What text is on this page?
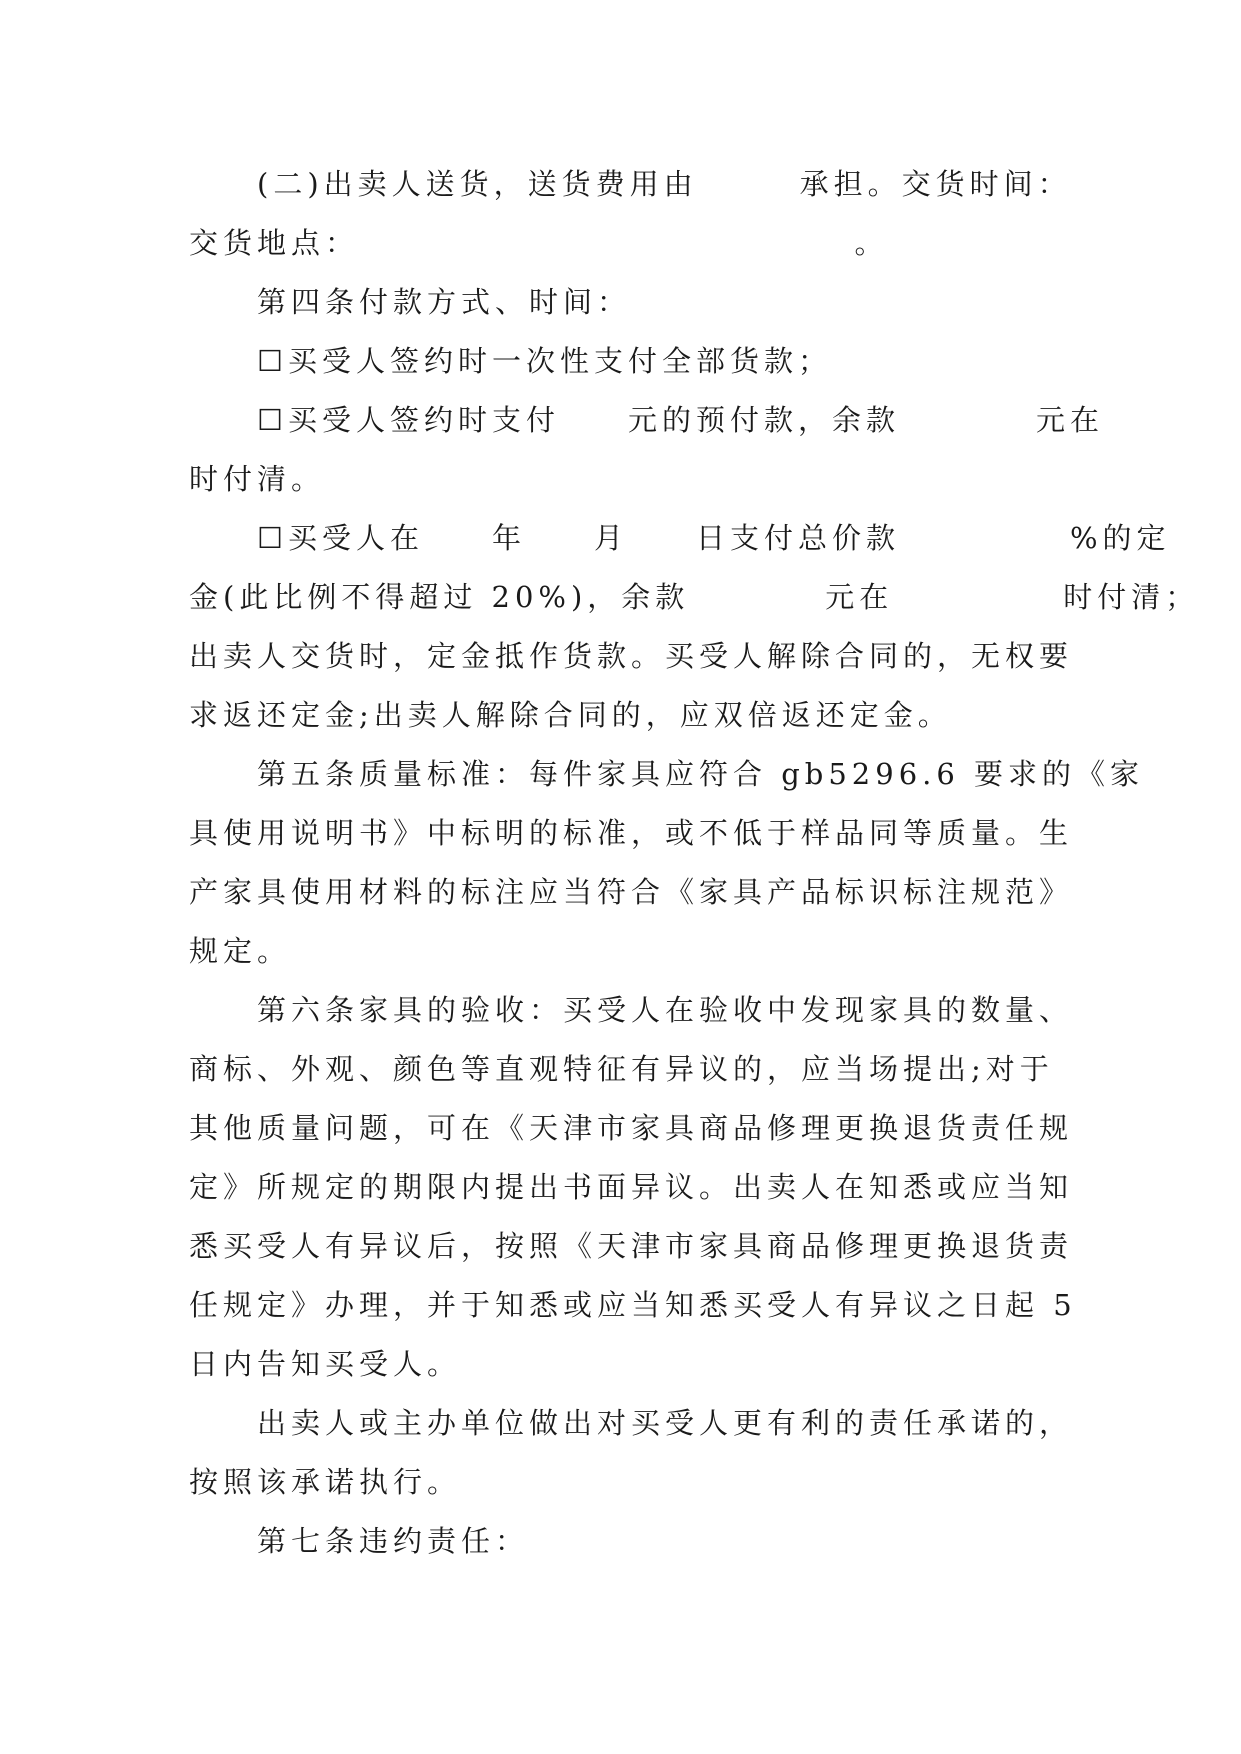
(二)出卖人送货，送货费用由　　　承担。交货时间：
交货地点：　　　　　　　　　　　　　　　。
第四条付款方式、时间：
☐买受人签约时一次性支付全部货款；
☐买受人签约时支付　　元的预付款，余款　　　　元在
时付清。
☐买受人在　　年　　月　　日支付总价款　　　　　%的定
金(此比例不得超过 20%)，余款　　　　元在　　　　　时付清；
出卖人交货时，定金抵作货款。买受人解除合同的，无权要
求返还定金;出卖人解除合同的，应双倍返还定金。
第五条质量标准：每件家具应符合 gb5296.6 要求的《家
具使用说明书》中标明的标准，或不低于样品同等质量。生
产家具使用材料的标注应当符合《家具产品标识标注规范》
规定。
第六条家具的验收：买受人在验收中发现家具的数量、
商标、外观、颜色等直观特征有异议的，应当场提出;对于
其他质量问题，可在《天津市家具商品修理更换退货责任规
定》所规定的期限内提出书面异议。出卖人在知悉或应当知
悉买受人有异议后，按照《天津市家具商品修理更换退货责
任规定》办理，并于知悉或应当知悉买受人有异议之日起 5
日内告知买受人。
出卖人或主办单位做出对买受人更有利的责任承诺的，
按照该承诺执行。
第七条违约责任：
